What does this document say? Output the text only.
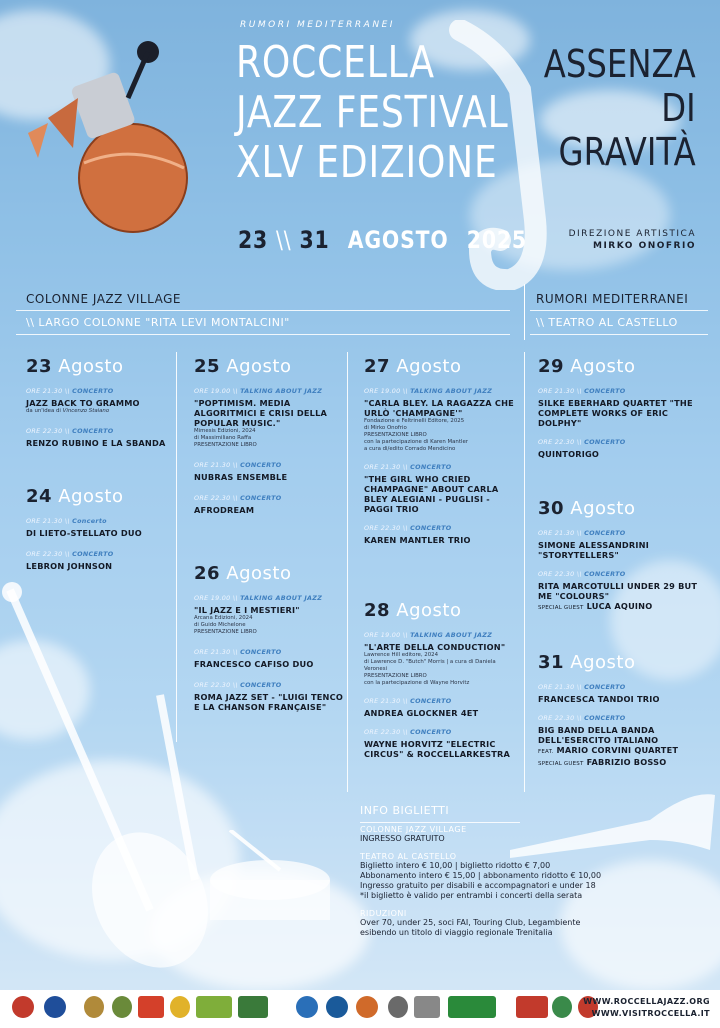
RUMORI MEDITERRANEI
ROCCELLA
JAZZ FESTIVAL
XLV EDIZIONE
23 \\ 31 AGOSTO 2025
ASSENZA
DI
GRAVITÀ
DIREZIONE ARTISTICA
MIRKO ONOFRIO
COLONNE JAZZ VILLAGE
\\ LARGO COLONNE "RITA LEVI MONTALCINI"
RUMORI MEDITERRANEI
\\ TEATRO AL CASTELLO
23 Agosto
ORE 21.30 \\ CONCERTO
JAZZ BACK TO GRAMMO
da un'idea di Vincenzo Staiano
ORE 22.30 \\ CONCERTO
RENZO RUBINO E LA SBANDA
24 Agosto
ORE 21.30 \\ Concerto
DI LIETO-STELLATO DUO
ORE 22.30 \\ CONCERTO
LEBRON JOHNSON
25 Agosto
ORE 19.00 \\ TALKING ABOUT JAZZ
"POPTIMISM. MEDIA ALGORITMICI E CRISI DELLA POPULAR MUSIC."
Mimesis Edizioni, 2024
di Massimiliano Raffa
PRESENTAZIONE LIBRO
ORE 21.30 \\ CONCERTO
NUBRAS ENSEMBLE
ORE 22.30 \\ CONCERTO
AFRODREAM
26 Agosto
ORE 19.00 \\ TALKING ABOUT JAZZ
"IL JAZZ E I MESTIERI"
Arcana Edizioni, 2024
di Guido Michelone
PRESENTAZIONE LIBRO
ORE 21.30 \\ CONCERTO
FRANCESCO CAFISO DUO
ORE 22.30 \\ CONCERTO
ROMA JAZZ SET - "LUIGI TENCO E LA CHANSON FRANÇAISE"
27 Agosto
ORE 19.00 \\ TALKING ABOUT JAZZ
"CARLA BLEY. LA RAGAZZA CHE URLÒ 'CHAMPAGNE'"
Fondazione e Feltrinelli Editore, 2025
di Mirko Onofrio
PRESENTAZIONE LIBRO
con la partecipazione di Karen Mantler
a cura di/edito Corrado Mendicino
ORE 21.30 \\ CONCERTO
"THE GIRL WHO CRIED CHAMPAGNE" ABOUT CARLA BLEY ALEGIANI - PUGLISI - PAGGI TRIO
ORE 22.30 \\ CONCERTO
KAREN MANTLER TRIO
28 Agosto
ORE 19.00 \\ TALKING ABOUT JAZZ
"L'ARTE DELLA CONDUCTION"
Lawrence Hill editore, 2024
di Lawrence D. "Butch" Morris | a cura di Daniela Veronesi
PRESENTAZIONE LIBRO
con la partecipazione di Wayne Horvitz
ORE 21.30 \\ CONCERTO
ANDREA GLOCKNER 4ET
ORE 22.30 \\ CONCERTO
WAYNE HORVITZ "ELECTRIC CIRCUS" & ROCCELLARKESTRA
29 Agosto
ORE 21.30 \\ CONCERTO
SILKE EBERHARD QUARTET "THE COMPLETE WORKS OF ERIC DOLPHY"
ORE 22.30 \\ CONCERTO
QUINTORIGO
30 Agosto
ORE 21.30 \\ CONCERTO
SIMONE ALESSANDRINI "STORYTELLERS"
ORE 22.30 \\ CONCERTO
RITA MARCOTULLI UNDER 29 BUT ME "COLOURS"
SPECIAL GUEST LUCA AQUINO
31 Agosto
ORE 21.30 \\ CONCERTO
FRANCESCA TANDOI TRIO
ORE 22.30 \\ CONCERTO
BIG BAND DELLA BANDA DELL'ESERCITO ITALIANO
FEAT. MARIO CORVINI QUARTET
SPECIAL GUEST FABRIZIO BOSSO
INFO BIGLIETTI
COLONNE JAZZ VILLAGE
INGRESSO GRATUITO
TEATRO AL CASTELLO
Biglietto intero € 10,00 | biglietto ridotto € 7,00
Abbonamento intero € 15,00 | abbonamento ridotto € 10,00
Ingresso gratuito per disabili e accompagnatori e under 18
*il biglietto è valido per entrambi i concerti della serata
RIDUZIONI
Over 70, under 25, soci FAI, Touring Club, Legambiente
esibendo un titolo di viaggio regionale Trenitalia
WWW.ROCCELLAJAZZ.ORG
WWW.VISITROCCELLA.IT
